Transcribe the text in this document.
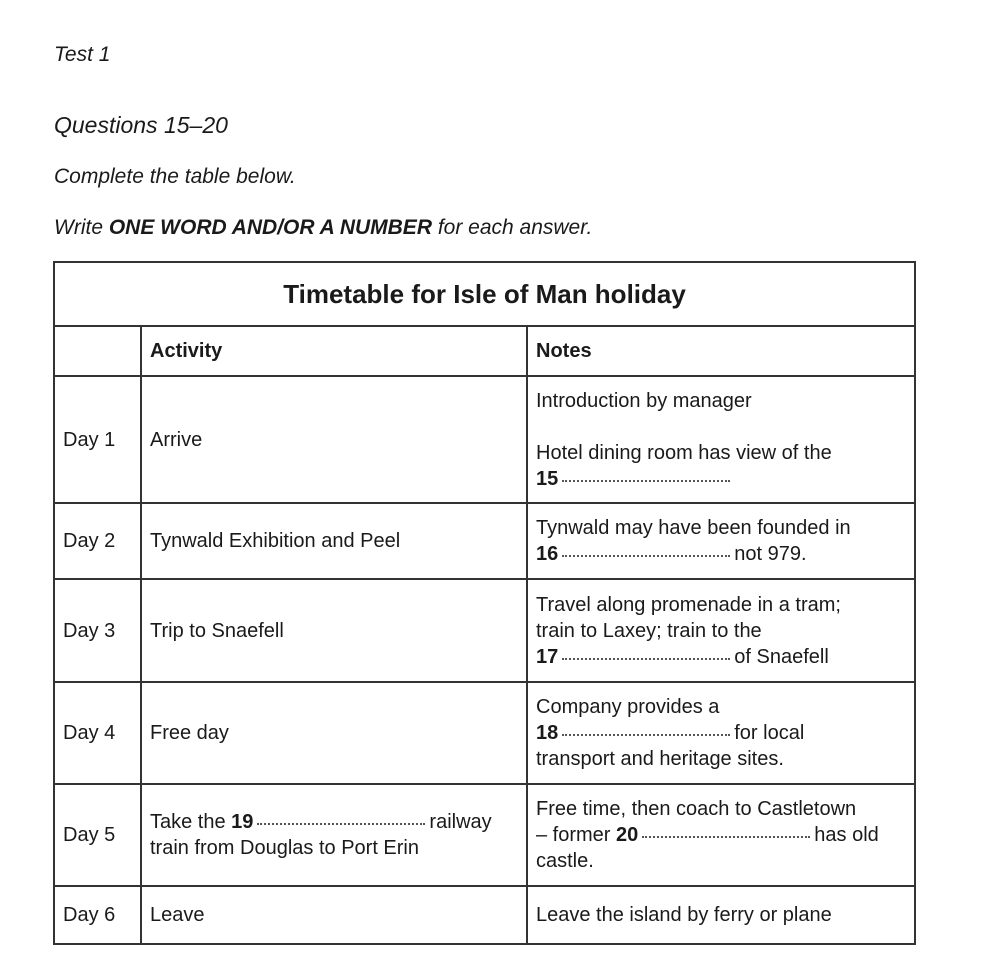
Test 1
Questions 15–20
Complete the table below.
Write ONE WORD AND/OR A NUMBER for each answer.
Timetable for Isle of Man holiday		
	Activity	Notes
Day 1	Arrive	Introduction by manager
Hotel dining room has view of the
15
Day 2	Tynwald Exhibition and Peel	Tynwald may have been founded in
16 not 979.
Day 3	Trip to Snaefell	Travel along promenade in a tram;
train to Laxey; train to the
17 of Snaefell
Day 4	Free day	Company provides a
18 for local
transport and heritage sites.
Day 5	Take the 19 railway
train from Douglas to Port Erin	Free time, then coach to Castletown
– former 20 has old
castle.
Day 6	Leave	Leave the island by ferry or plane
